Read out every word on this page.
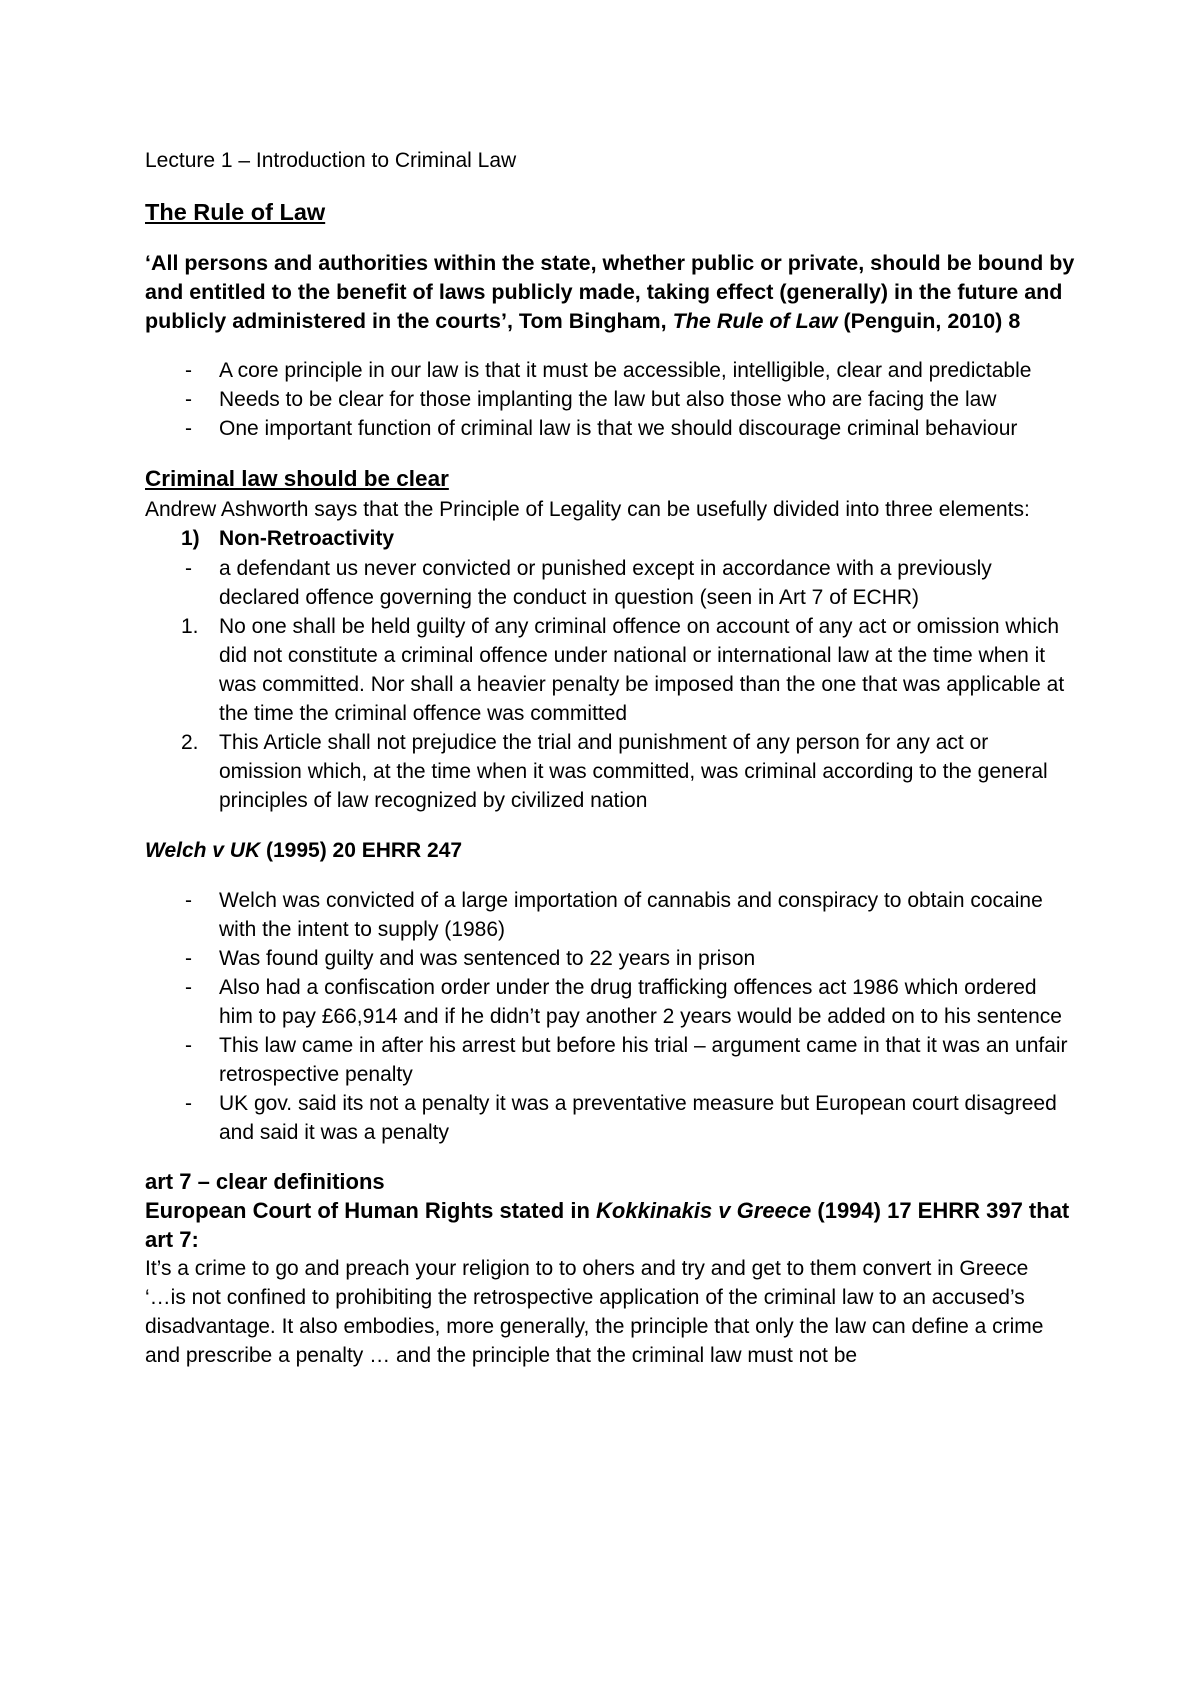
Lecture 1 – Introduction to Criminal Law

The Rule of Law

‘All persons and authorities within the state, whether public or private, should be bound by and entitled to the benefit of laws publicly made, taking effect (generally) in the future and publicly administered in the courts’, Tom Bingham, The Rule of Law (Penguin, 2010) 8

- A core principle in our law is that it must be accessible, intelligible, clear and predictable
- Needs to be clear for those implanting the law but also those who are facing the law
- One important function of criminal law is that we should discourage criminal behaviour

Criminal law should be clear

Andrew Ashworth says that the Principle of Legality can be usefully divided into three elements:

1) Non-Retroactivity
- a defendant us never convicted or punished except in accordance with a previously declared offence governing the conduct in question (seen in Art 7 of ECHR)
1. No one shall be held guilty of any criminal offence on account of any act or omission which did not constitute a criminal offence under national or international law at the time when it was committed. Nor shall a heavier penalty be imposed than the one that was applicable at the time the criminal offence was committed
2. This Article shall not prejudice the trial and punishment of any person for any act or omission which, at the time when it was committed, was criminal according to the general principles of law recognized by civilized nation

Welch v UK (1995) 20 EHRR 247

- Welch was convicted of a large importation of cannabis and conspiracy to obtain cocaine with the intent to supply (1986)
- Was found guilty and was sentenced to 22 years in prison
- Also had a confiscation order under the drug trafficking offences act 1986 which ordered him to pay £66,914 and if he didn’t pay another 2 years would be added on to his sentence
- This law came in after his arrest but before his trial – argument came in that it was an unfair retrospective penalty
- UK gov. said its not a penalty it was a preventative measure but European court disagreed and said it was a penalty

art 7 – clear definitions

European Court of Human Rights stated in Kokkinakis v Greece (1994) 17 EHRR 397 that art 7:

It’s a crime to go and preach your religion to to ohers and try and get to them convert in Greece

‘…is not confined to prohibiting the retrospective application of the criminal law to an accused’s disadvantage. It also embodies, more generally, the principle that only the law can define a crime and prescribe a penalty … and the principle that the criminal law must not be
